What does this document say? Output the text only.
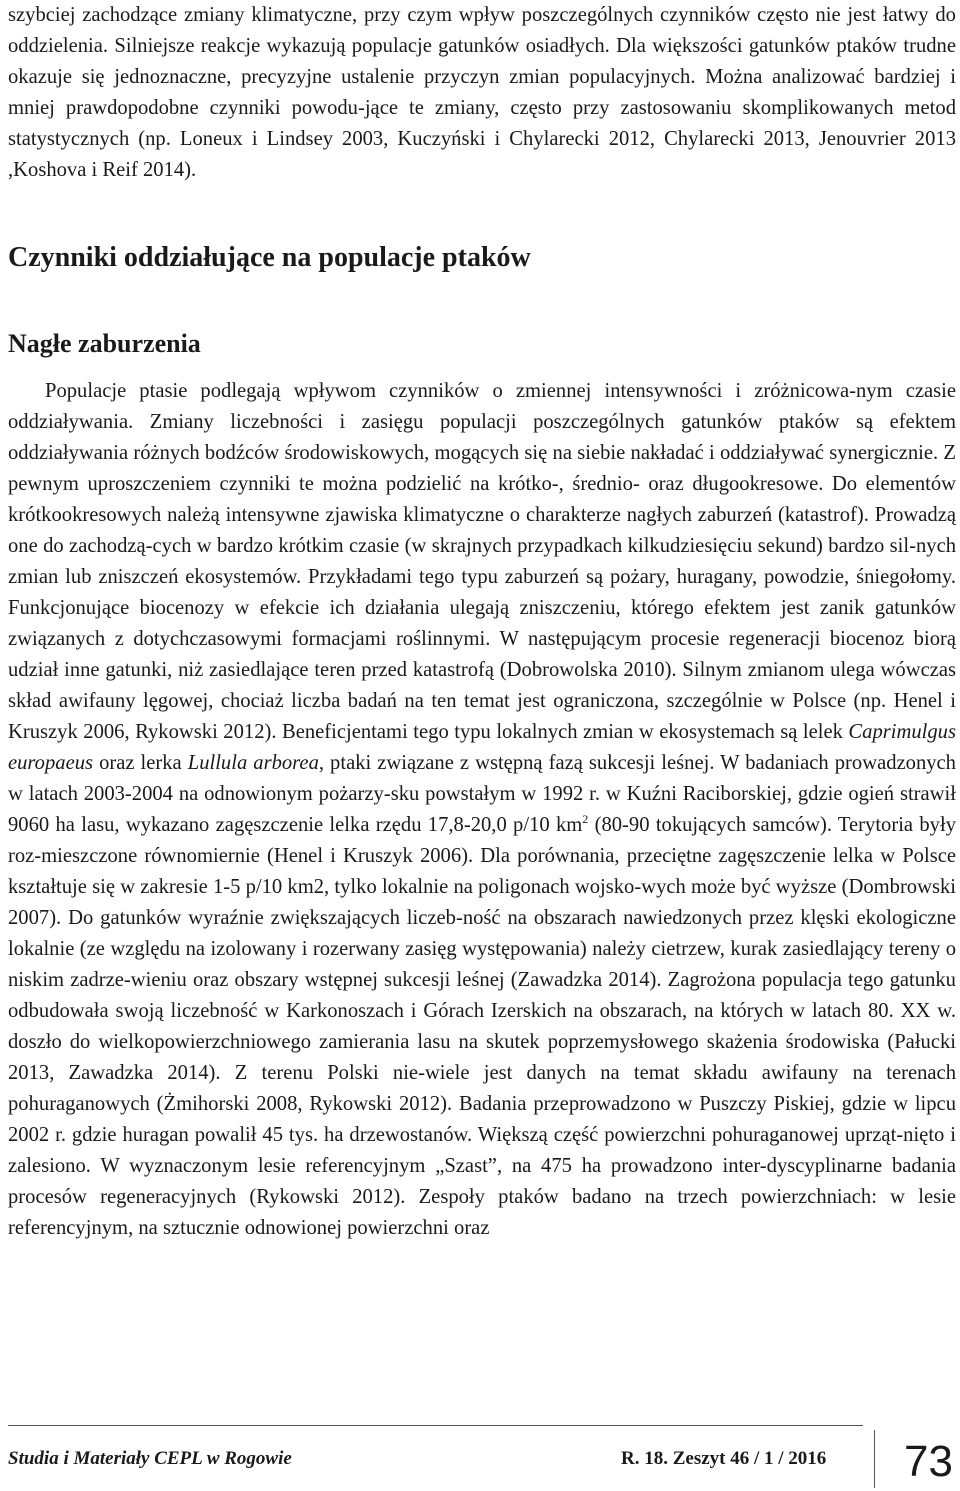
szybciej zachodzące zmiany klimatyczne, przy czym wpływ poszczególnych czynników często nie jest łatwy do oddzielenia. Silniejsze reakcje wykazują populacje gatunków osiadłych. Dla większości gatunków ptaków trudne okazuje się jednoznaczne, precyzyjne ustalenie przyczyn zmian populacyjnych. Można analizować bardziej i mniej prawdopodobne czynniki powodu-jące te zmiany, często przy zastosowaniu skomplikowanych metod statystycznych (np. Loneux i Lindsey 2003, Kuczyński i Chylarecki 2012, Chylarecki 2013, Jenouvrier 2013 ,Koshova i Reif 2014).

Czynniki oddziałujące na populacje ptaków
Nagłe zaburzenia

Populacje ptasie podlegają wpływom czynników o zmiennej intensywności i zróżnicowa-nym czasie oddziaływania. Zmiany liczebności i zasięgu populacji poszczególnych gatunków ptaków są efektem oddziaływania różnych bodźców środowiskowych, mogących się na siebie nakładać i oddziaływać synergicznie. Z pewnym uproszczeniem czynniki te można podzielić na krótko-, średnio- oraz długookresowe. Do elementów krótkookresowych należą intensywne zjawiska klimatyczne o charakterze nagłych zaburzeń (katastrof). Prowadzą one do zachodzą-cych w bardzo krótkim czasie (w skrajnych przypadkach kilkudziesięciu sekund) bardzo sil-nych zmian lub zniszczeń ekosystemów. Przykładami tego typu zaburzeń są pożary, huragany, powodzie, śniegołomy. Funkcjonujące biocenozy w efekcie ich działania ulegają zniszczeniu, którego efektem jest zanik gatunków związanych z dotychczasowymi formacjami roślinnymi. W następującym procesie regeneracji biocenoz biorą udział inne gatunki, niż zasiedlające teren przed katastrofą (Dobrowolska 2010). Silnym zmianom ulega wówczas skład awifauny lęgowej, chociaż liczba badań na ten temat jest ograniczona, szczególnie w Polsce (np. Henel i Kruszyk 2006, Rykowski 2012). Beneficjentami tego typu lokalnych zmian w ekosystemach są lelek Caprimulgus europaeus oraz lerka Lullula arborea, ptaki związane z wstępną fazą sukcesji leśnej. W badaniach prowadzonych w latach 2003-2004 na odnowionym pożarzy-sku powstałym w 1992 r. w Kuźni Raciborskiej, gdzie ogień strawił 9060 ha lasu, wykazano zagęszczenie lelka rzędu 17,8-20,0 p/10 $km^2$ (80-90 tokujących samców). Terytoria były roz-mieszczone równomiernie (Henel i Kruszyk 2006). Dla porównania, przeciętne zagęszczenie lelka w Polsce kształtuje się w zakresie 1-5 p/10 km2, tylko lokalnie na poligonach wojsko-wych może być wyższe (Dombrowski 2007). Do gatunków wyraźnie zwiększających liczeb-ność na obszarach nawiedzonych przez klęski ekologiczne lokalnie (ze względu na izolowany i rozerwany zasięg występowania) należy cietrzew, kurak zasiedlający tereny o niskim zadrze-wieniu oraz obszary wstępnej sukcesji leśnej (Zawadzka 2014). Zagrożona populacja tego gatunku odbudowała swoją liczebność w Karkonoszach i Górach Izerskich na obszarach, na których w latach 80. XX w. doszło do wielkopowierzchniowego zamierania lasu na skutek poprzemysłowego skażenia środowiska (Pałucki 2013, Zawadzka 2014). Z terenu Polski nie-wiele jest danych na temat składu awifauny na terenach pohuraganowych (Żmihorski 2008, Rykowski 2012). Badania przeprowadzono w Puszczy Piskiej, gdzie w lipcu 2002 r. gdzie huragan powalił 45 tys. ha drzewostanów. Większą część powierzchni pohuraganowej uprząt-nięto i zalesiono. W wyznaczonym lesie referencyjnym „Szast”, na 475 ha prowadzono inter-dyscyplinarne badania procesów regeneracyjnych (Rykowski 2012). Zespoły ptaków badano na trzech powierzchniach: w lesie referencyjnym, na sztucznie odnowionej powierzchni oraz

Studia i Materiały CEPL w Rogowie	R. 18. Zeszyt 46 / 1 / 2016 73
